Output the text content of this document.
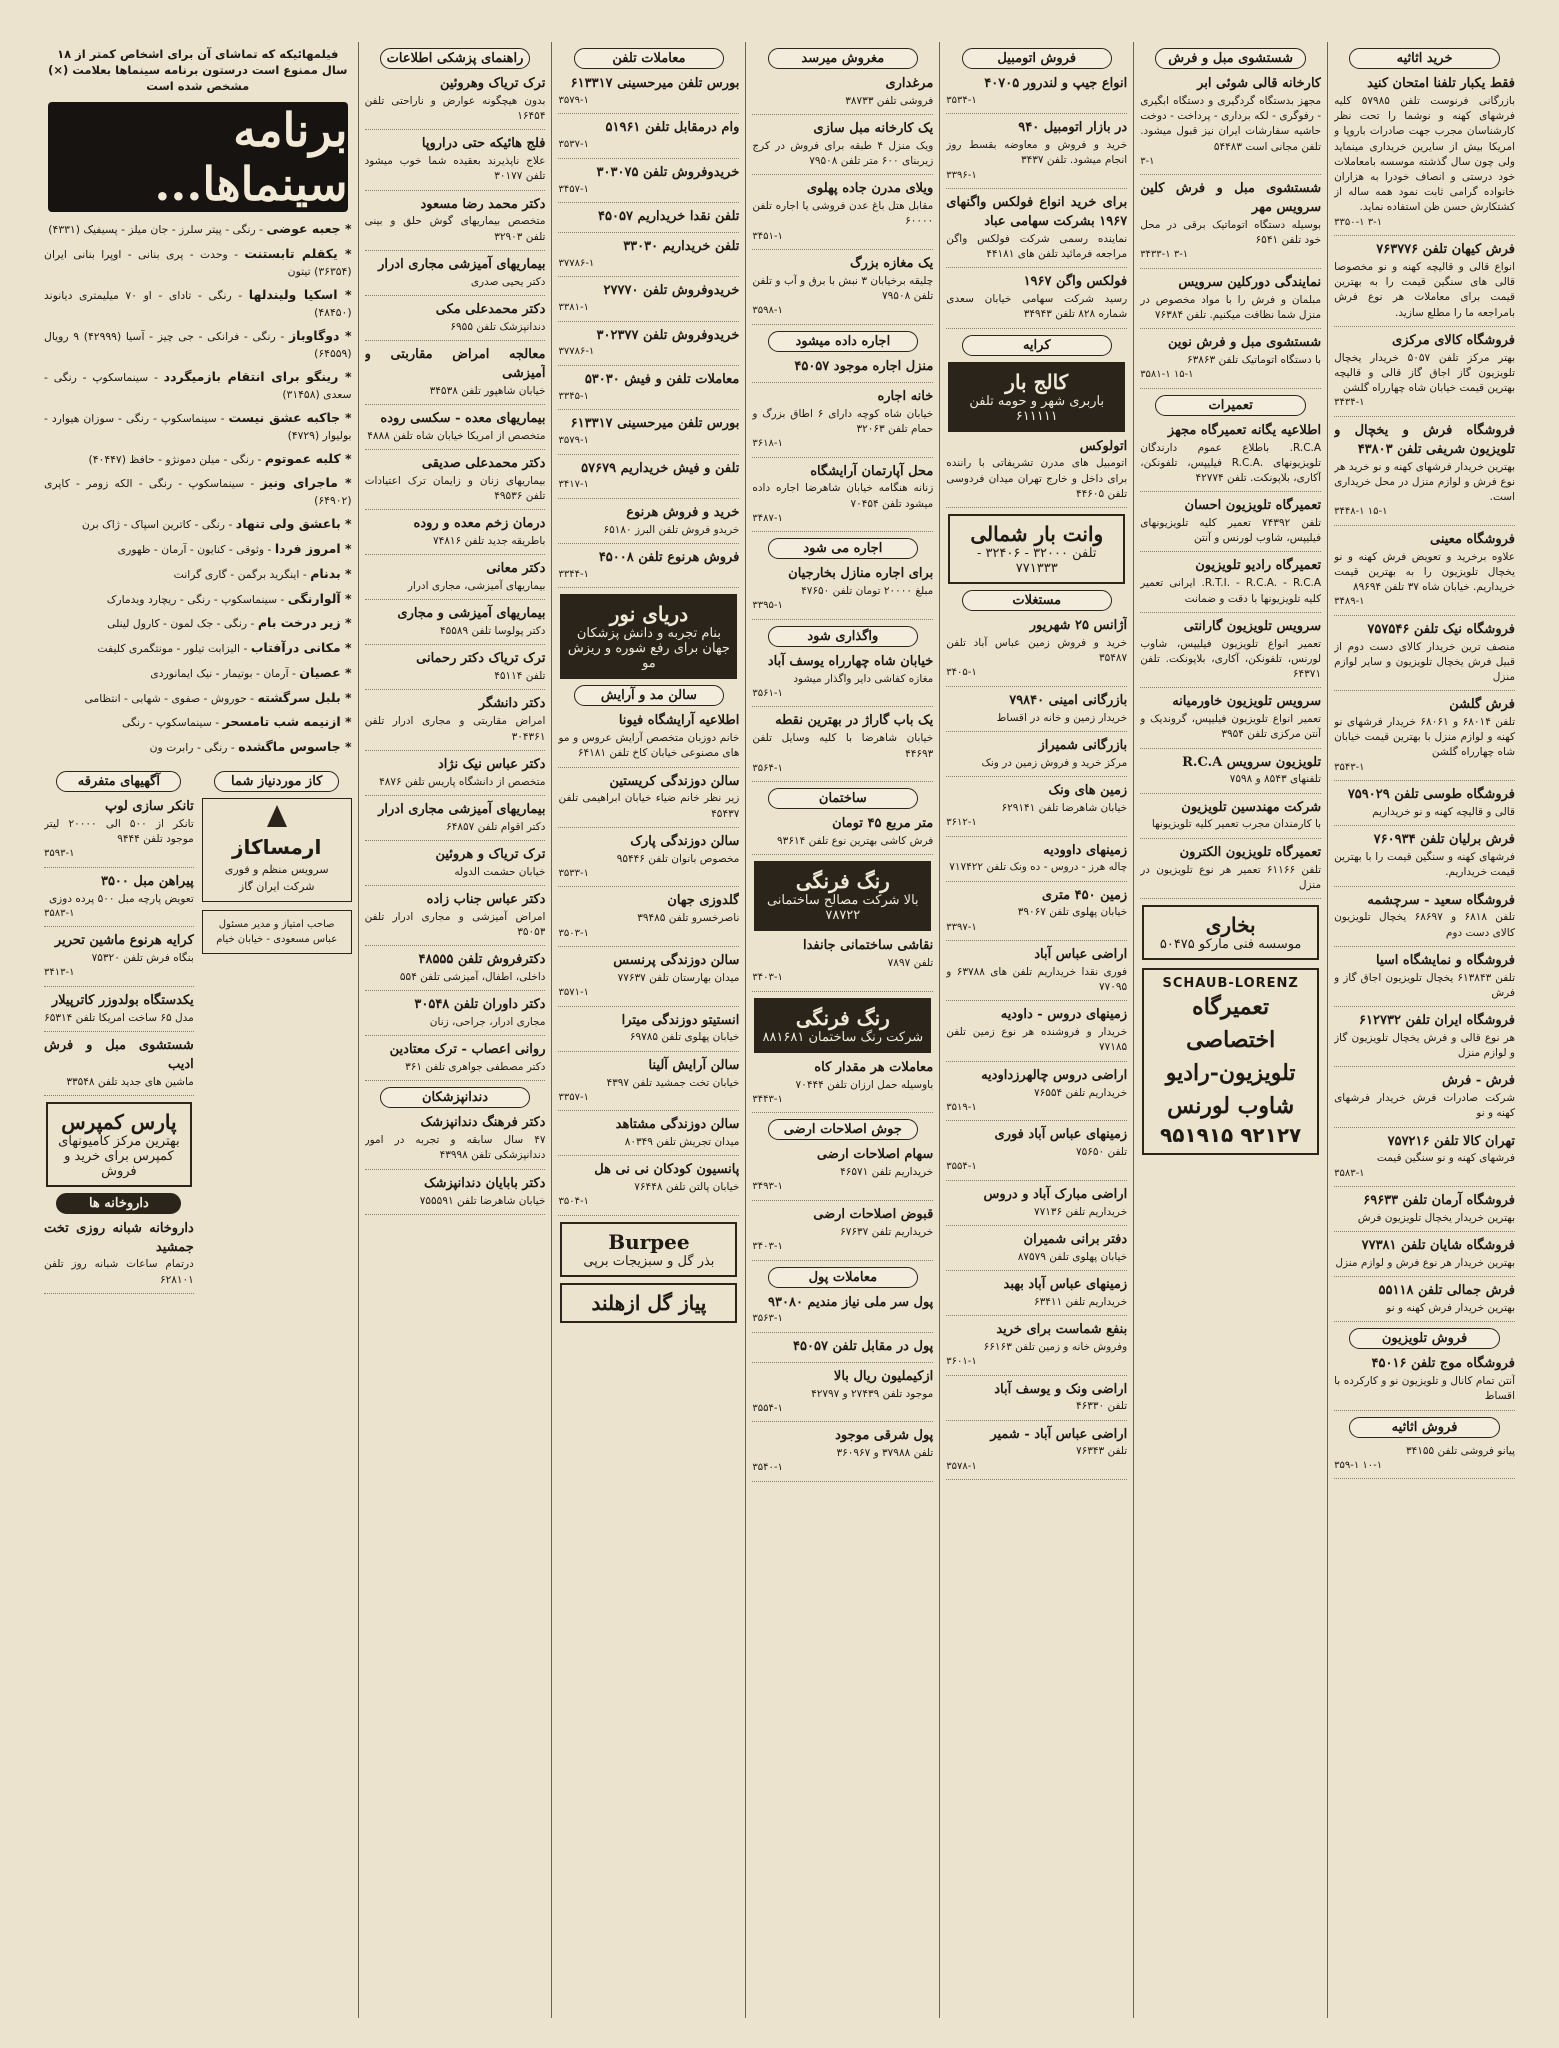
خرید اثاثیه
فقط یکبار تلفنا امتحان کنید
بازرگانی فرنوست تلفن ۵۷۹۸۵ کلیه فرشهای کهنه و نوشما را تحت نظر کارشناسان مجرب جهت صادرات باروپا و امریکا بیش از سایرین خریداری مینماید ولی چون سال گذشته موسسه بامعاملات خود درستی و انصاف خودرا به هزاران خانواده گرامی ثابت نمود همه ساله از کشتکارش حسن ظن استفاده نماید.
۳۳۵۰-۱ ۳-۱
فرش کیهان تلفن ۷۶۳۷۷۶
انواع قالی و قالیچه کهنه و نو مخصوصا قالی های سنگین قیمت را به بهترین قیمت برای معاملات هر نوع فرش بامراجعه ما را مطلع سازید.
فروشگاه کالای مرکزی
بهتر مرکز تلفن ۵۰۵۷ خریدار یخچال تلویزیون گاز اجاق گاز قالی و قالیچه بهترین قیمت خیابان شاه چهارراه گلشن
۳۴۳۴-۱
فروشگاه فرش و یخچال و تلویزیون شریفی تلفن ۴۳۸۰۳
بهترین خریدار فرشهای کهنه و نو خرید هر نوع فرش و لوازم منزل در محل خریداری است.
۳۴۴۸-۱ ۱۵-۱
فروشگاه معینی
علاوه برخرید و تعویض فرش کهنه و نو یخچال تلویزیون را به بهترین قیمت خریداریم. خیابان شاه ۳۷ تلفن ۸۹۶۹۴
۳۴۸۹-۱
فروشگاه نیک تلفن ۷۵۷۵۴۶
منصف ترین خریدار کالای دست دوم از قبیل فرش یخچال تلویزیون و سایر لوازم منزل
فرش گلشن
تلفن ۶۸۰۱۴ و ۶۸۰۶۱ خریدار فرشهای نو کهنه و لوازم منزل با بهترین قیمت خیابان شاه چهارراه گلشن
۳۵۴۳-۱
فروشگاه طوسی تلفن ۷۵۹۰۲۹
قالی و قالیچه کهنه و نو خریداریم
فرش برلیان تلفن ۷۶۰۹۳۴
فرشهای کهنه و سنگین قیمت را با بهترین قیمت خریداریم.
فروشگاه سعید - سرچشمه
تلفن ۶۸۱۸ و ۶۸۶۹۷ یخچال تلویزیون کالای دست دوم
فروشگاه و نمایشگاه اسیا
تلفن ۶۱۳۸۴۳ یخچال تلویزیون اجاق گاز و فرش
فروشگاه ایران تلفن ۶۱۲۷۳۲
هر نوع قالی و فرش یخچال تلویزیون گاز و لوازم منزل
فرش - فرش
شرکت صادرات فرش خریدار فرشهای کهنه و نو
تهران کالا تلفن ۷۵۷۲۱۶
فرشهای کهنه و نو سنگین قیمت
۳۵۸۳-۱
فروشگاه آرمان تلفن ۶۹۶۳۳
بهترین خریدار یخچال تلویزیون فرش
فروشگاه شایان تلفن ۷۷۳۸۱
بهترین خریدار هر نوع فرش و لوازم منزل
فرش جمالی تلفن ۵۵۱۱۸
بهترین خریدار فرش کهنه و نو
فروش تلویزیون
فروشگاه موج تلفن ۴۵۰۱۶
آنتن تمام کانال و تلویزیون نو و کارکرده با اقساط
فروش اثاثیه
پیانو فروشی تلفن ۳۴۱۵۵
۳۵۹-۱ ۱۰-۱
شستشوی مبل و فرش
کارخانه قالی شوئی ابر
مجهز بدستگاه گردگیری و دستگاه ابگیری - رفوگری - لکه برداری - پرداخت - دوخت حاشیه سفارشات ایران نیز قبول میشود. تلفن مجانی است ۵۴۴۸۳
۳-۱
شستشوی مبل و فرش کلین سرویس مهر
بوسیله دستگاه اتوماتیک برقی در محل خود تلفن ۶۵۴۱
۳۴۳۳-۱ ۳-۱
نمایندگی دورکلین سرویس
مبلمان و فرش را با مواد مخصوص در منزل شما نظافت میکنیم. تلفن ۷۶۳۸۴
شستشوی مبل و فرش نوین
با دستگاه اتوماتیک تلفن ۶۳۸۶۳
۳۵۸۱-۱ ۱۵-۱
تعمیرات
اطلاعیه یگانه تعمیرگاه مجهز
R.C.A. باطلاع عموم دارندگان تلویزیونهای .R.C.A فیلیپس، تلفونکن، آکاری، بلاپونکت. تلفن ۴۲۷۷۴
تعمیرگاه تلویزیون احسان
تلفن ۷۴۳۹۲ تعمیر کلیه تلویزیونهای فیلیپس، شاوب لورنس و آنتن
تعمیرگاه رادیو تلویزیون
R.T.I. - R.C.A. - R.C.A. ایرانی تعمیر کلیه تلویزیونها با دقت و ضمانت
سرویس تلویزیون گارانتی
تعمیر انواع تلویزیون فیلیپس، شاوب لورنس، تلفونکن، آکاری، بلاپونکت. تلفن ۶۴۳۷۱
سرویس تلویزیون خاورمیانه
تعمیر انواع تلویزیون فیلیپس، گروندیک و آنتن مرکزی تلفن ۳۹۵۴
تلویزیون سرویس R.C.A
تلفنهای ۸۵۴۳ و ۷۵۹۸
شرکت مهندسین تلویزیون
با کارمندان مجرب تعمیر کلیه تلویزیونها
تعمیرگاه تلویزیون الکترون
تلفن ۶۱۱۶۶ تعمیر هر نوع تلویزیون در منزل
بخاری
موسسه فنی مارکو ۵۰۴۷۵
SCHAUB-LORENZ
تعمیرگاه اختصاصی
تلویزیون-رادیو
شاوب لورنس
۹۲۱۲۷ ۹۵۱۹۱۵
فروش اتومبیل
انواع جیپ و لندرور ۴۰۷۰۵
۳۵۳۴-۱
در بازار اتومبیل ۹۴۰
خرید و فروش و معاوضه بقسط روز انجام میشود. تلفن ۳۴۳۷
۳۳۹۶-۱
برای خرید انواع فولکس واگنهای ۱۹۶۷ بشرکت سهامی عباد
نماینده رسمی شرکت فولکس واگن مراجعه فرمائید تلفن های ۴۴۱۸۱
فولکس واگن ۱۹۶۷
رسید شرکت سهامی خیابان سعدی شماره ۸۲۸ تلفن ۳۴۹۴۳
کرایه
کالج بار
باربری شهر و حومه تلفن ۶۱۱۱۱۱
اتولوکس
اتومبیل های مدرن تشریفاتی با راننده برای داخل و خارج تهران میدان فردوسی تلفن ۴۴۶۰۵
وانت بار شمالی
تلفن ۳۲۰۰۰ - ۳۲۴۰۶ - ۷۷۱۳۳۳
مستغلات
آژانس ۲۵ شهریور
خرید و فروش زمین عباس آباد تلفن ۳۵۴۸۷
۳۴۰۵-۱
بازرگانی امینی ۷۹۸۴۰
خریدار زمین و خانه در اقساط
بازرگانی شمیراز
مرکز خرید و فروش زمین در ونک
زمین های ونک
خیابان شاهرضا تلفن ۶۲۹۱۴۱
۳۶۱۲-۱
زمینهای داوودیه
چاله هرز - دروس - ده ونک تلفن ۷۱۷۴۲۲
زمین ۴۵۰ متری
خیابان پهلوی تلفن ۳۹۰۶۷
۳۳۹۷-۱
اراضی عباس آباد
فوری نقدا خریداریم تلفن های ۶۳۷۸۸ و ۷۷۰۹۵
زمینهای دروس - داودیه
خریدار و فروشنده هر نوع زمین تلفن ۷۷۱۸۵
اراضی دروس چالهرزداودیه
خریداریم تلفن ۷۶۵۵۴
۳۵۱۹-۱
زمینهای عباس آباد فوری
تلفن ۷۵۶۵۰
۳۵۵۴-۱
اراضی مبارک آباد و دروس
خریداریم تلفن ۷۷۱۳۶
دفتر برانی شمیران
خیابان پهلوی تلفن ۸۷۵۷۹
زمینهای عباس آباد بهبد
خریداریم تلفن ۶۳۴۱۱
بنفع شماست برای خرید
وفروش خانه و زمین تلفن ۶۶۱۶۳
۳۶۰۱-۱
اراضی ونک و یوسف آباد
تلفن ۴۶۳۳۰
اراضی عباس آباد - شمیر
تلفن ۷۶۳۴۳
۳۵۷۸-۱
مغروش میرسد
مرغداری
فروشی تلفن ۳۸۷۳۳
یک کارخانه مبل سازی
ویک منزل ۴ طبقه برای فروش در کرج زیربنای ۶۰۰ متر تلفن ۷۹۵۰۸
ویلای مدرن جاده پهلوی
مقابل هتل باغ عدن فروشی یا اجاره تلفن ۶۰۰۰۰
۳۴۵۱-۱
یک مغازه بزرگ
چلیقه برخیابان ۳ نبش با برق و آب و تلفن تلفن ۷۹۵۰۸
۳۵۹۸-۱
اجاره داده میشود
منزل اجاره موجود ۴۵۰۵۷
خانه اجاره
خیابان شاه کوچه دارای ۶ اطاق بزرگ و حمام تلفن ۳۲۰۶۳
۳۶۱۸-۱
محل آپارتمان آرایشگاه
زنانه هنگامه خیابان شاهرضا اجاره داده میشود تلفن ۷۰۴۵۴
۳۴۸۷-۱
اجاره می شود
برای اجاره منازل بخارجیان
مبلغ ۲۰۰۰۰ تومان تلفن ۴۷۶۵۰
۳۳۹۵-۱
واگذاری شود
خیابان شاه چهارراه یوسف آباد
مغازه کفاشی دایر واگذار میشود
۳۵۶۱-۱
یک باب گاراژ در بهترین نقطه
خیابان شاهرضا با کلیه وسایل تلفن ۴۴۶۹۳
۳۵۶۴-۱
ساختمان
متر مربع ۴۵ تومان
فرش کاشی بهترین نوع تلفن ۹۳۶۱۴
رنگ فرنگی
بالا شرکت مصالح ساختمانی ۷۸۷۲۲
نقاشی ساختمانی جانفدا
تلفن ۷۸۹۷
۳۴۰۳-۱
رنگ فرنگی
شرکت رنگ ساختمان ۸۸۱۶۸۱
معاملات هر مقدار کاه
باوسیله حمل ارزان تلفن ۷۰۴۴۴
۳۴۴۳-۱
جوش اصلاحات ارضی
سهام اصلاحات ارضی
خریداریم تلفن ۴۶۵۷۱
۳۴۹۳-۱
قبوض اصلاحات ارضی
خریداریم تلفن ۶۷۶۳۷
۳۴۰۳-۱
معاملات پول
پول سر ملی نیاز مندیم ۹۳۰۸۰
۳۵۶۳-۱
پول در مقابل تلفن ۴۵۰۵۷
ازکیملیون ریال بالا
موجود تلفن ۲۷۴۳۹ و ۴۲۷۹۷
۳۵۵۴-۱
پول شرقی موجود
تلفن ۳۷۹۸۸ و ۳۶۰۹۶۷
۳۵۴۰-۱
معاملات تلفن
بورس تلفن میرحسینی ۶۱۳۳۱۷
۳۵۷۹-۱
وام درمقابل تلفن ۵۱۹۶۱
۳۵۳۷-۱
خریدوفروش تلفن ۳۰۳۰۷۵
۳۴۵۷-۱
تلفن نقدا خریداریم ۴۵۰۵۷
تلفن خریداریم ۳۳۰۳۰
۳۷۷۸۶-۱
خریدوفروش تلفن ۲۷۷۷۰
۳۳۸۱-۱
خریدوفروش تلفن ۳۰۲۳۷۷
۳۷۷۸۶-۱
معاملات تلفن و فیش ۵۳۰۳۰
۳۳۴۵-۱
بورس تلفن میرحسینی ۶۱۳۳۱۷
۳۵۷۹-۱
تلفن و فیش خریداریم ۵۷۶۷۹
۳۴۱۷-۱
خرید و فروش هرنوع
خریدو فروش تلفن البرز ۶۵۱۸۰
فروش هرنوع تلفن ۴۵۰۰۸
۳۳۴۴-۱
دریای نور
بنام تجربه و دانش پزشکان جهان برای رفع شوره و ریزش مو
سالن مد و آرایش
اطلاعیه آرایشگاه فیونا
خانم دوزبان متخصص آرایش عروس و مو های مصنوعی خیابان کاخ تلفن ۶۴۱۸۱
سالن دوزندگی کریستین
زیر نظر خانم ضیاء خیابان ابراهیمی تلفن ۴۵۴۳۷
سالن دوزندگی پارک
مخصوص بانوان تلفن ۹۵۴۴۶
۳۵۳۳-۱
گلدوزی جهان
ناصرخسرو تلفن ۳۹۴۸۵
۳۵۰۳-۱
سالن دوزندگی پرنسس
میدان بهارستان تلفن ۷۷۶۳۷
۳۵۷۱-۱
انستیتو دوزندگی میترا
خیابان پهلوی تلفن ۶۹۷۸۵
سالن آرایش آلینا
خیابان تخت جمشید تلفن ۴۳۹۷
۳۳۵۷-۱
سالن دوزندگی مشتاهد
میدان تجریش تلفن ۸۰۳۴۹
پانسیون کودکان نی نی هل
خیابان پالتن تلفن ۷۶۴۴۸
۳۵۰۴-۱
Burpee
بذر گل و سبزیجات برپی
پیاز گل ازهلند
راهنمای پزشکی اطلاعات
ترک تریاک وهروئین
بدون هیچگونه عوارض و ناراحتی تلفن ۱۶۴۵۴
فلج هائیکه حتی دراروپا
علاج ناپذیرند بعقیده شما خوب میشود تلفن ۳۰۱۷۷
دکتر محمد رضا مسعود
متخصص بیماریهای گوش حلق و بینی تلفن ۳۲۹۰۳
بیماریهای آمیزشی مجاری ادرار
دکتر یحیی صدری
دکتر محمدعلی مکی
دندانپزشک تلفن ۶۹۵۵
معالجه امراض مقاربتی و آمیزشی
خیابان شاهپور تلفن ۳۴۵۳۸
بیماریهای معده - سکسی روده
متخصص از امریکا خیابان شاه تلفن ۴۸۸۸
دکتر محمدعلی صدیقی
بیماریهای زنان و زایمان ترک اعتیادات تلفن ۴۹۵۳۶
درمان زخم معده و روده
باطریقه جدید تلفن ۷۴۸۱۶
دکتر معانی
بیماریهای آمیزشی، مجاری ادرار
بیماریهای آمیزشی و مجاری
دکتر پولوسا تلفن ۴۵۵۸۹
ترک تریاک دکتر رحمانی
تلفن ۴۵۱۱۴
دکتر دانشگر
امراض مقاربتی و مجاری ادرار تلفن ۳۰۴۳۶۱
دکتر عباس نیک نژاد
متخصص از دانشگاه پاریس تلفن ۴۸۷۶
بیماریهای آمیزشی مجاری ادرار
دکتر اقوام تلفن ۶۴۸۵۷
ترک تریاک و هروئین
خیابان حشمت الدوله
دکتر عباس جناب زاده
امراض آمیزشی و مجاری ادرار تلفن ۳۵۰۵۳
دکترفروش تلفن ۴۸۵۵۵
داخلی، اطفال، آمیزشی تلفن ۵۵۴
دکتر داوران تلفن ۳۰۵۴۸
مجاری ادرار، جراحی، زنان
روانی اعصاب - ترک معتادین
دکتر مصطفی جواهری تلفن ۳۶۱
دندانپزشکان
دکتر فرهنگ دندانپزشک
۴۷ سال سابقه و تجربه در امور دندانپزشکی تلفن ۴۳۹۹۸
دکتر بابایان دندانپزشک
خیابان شاهرضا تلفن ۷۵۵۵۹۱
فیلمهائیکه که تماشای آن برای اشخاص کمتر از ۱۸ سال ممنوع است درستون برنامه سینماها بعلامت (×) مشخص شده است
برنامه سینماها...
* جعبه عوضی - رنگی - پیتر سلرز - جان میلز - پسیفیک (۴۳۳۱)
* یکقلم تابستنت - وحدت - پری بنانی - اوپرا بنانی ایران (۳۶۳۵۴) تیتون
* اسکیا ولیندلها - رنگی - تادای - او ۷۰ میلیمتری دیانوند (۴۸۴۵۰)
* دوگاوباز - رنگی - فرانکی - جی چیز - آسیا (۴۲۹۹۹) ۹ رویال (۶۴۵۵۹)
* رینگو برای انتقام بازمیگردد - سینماسکوپ - رنگی - سعدی (۳۱۴۵۸)
* جاکبه عشق نیست - سینماسکوپ - رنگی - سوزان هیوارد - بولیوار (۴۷۲۹)
* کلبه عموتوم - رنگی - میلن دمونژو - حافظ (۴۰۴۴۷)
* ماجرای ونیز - سینماسکوپ - رنگی - الکه زومر - کاپری (۶۴۹۰۲)
* باعشق ولی تنهاد - رنگی - کاترین اسپاک - ژاک برن
* امروز فردا - وثوقی - کنایون - آرمان - ظهوری
* بدنام - اینگرید برگمن - گاری گرانت
* آلوارنگی - سینماسکوپ - رنگی - ریچارد ویدمارک
* زیر درخت بام - رنگی - جک لمون - کارول لینلی
* مکانی درآفتاب - الیزابت تیلور - مونتگمری کلیفت
* عصیان - آرمان - بوتیمار - نیک ایمانوردی
* بلبل سرگشته - حوروش - صفوی - شهابی - انتظامی
* ازنیمه شب تامسحر - سینماسکوپ - رنگی
* جاسوس ماگشده - رنگی - رابرت ون
کاز موردنیاز شما
ارمساکاز
سرویس منظم و فوری شرکت ایران گاز
صاحب امتیاز و مدیر مسئول عباس مسعودی - خیابان خیام
آگهیهای متفرقه
تانکر سازی لوپ
تانکر از ۵۰۰ الی ۲۰۰۰۰ لیتر موجود تلفن ۹۴۴۴
۳۵۹۳-۱
پیراهن مبل ۳۵۰۰
تعویض پارچه مبل ۵۰۰ پرده دوزی
۳۵۸۳-۱
کرایه هرنوع ماشین تحریر
بنگاه فرش تلفن ۷۵۳۲۰
۳۴۱۳-۱
یکدستگاه بولدوزر کاترپیلار
مدل ۶۵ ساخت امریکا تلفن ۶۵۳۱۴
شستشوی مبل و فرش ادیب
ماشین های جدید تلفن ۳۳۵۴۸
پارس کمپرس
بهترین مرکز کامیونهای کمپرس برای خرید و فروش
داروخانه ها
داروخانه شبانه روزی تخت جمشید
درتمام ساعات شبانه روز تلفن ۶۲۸۱۰۱
